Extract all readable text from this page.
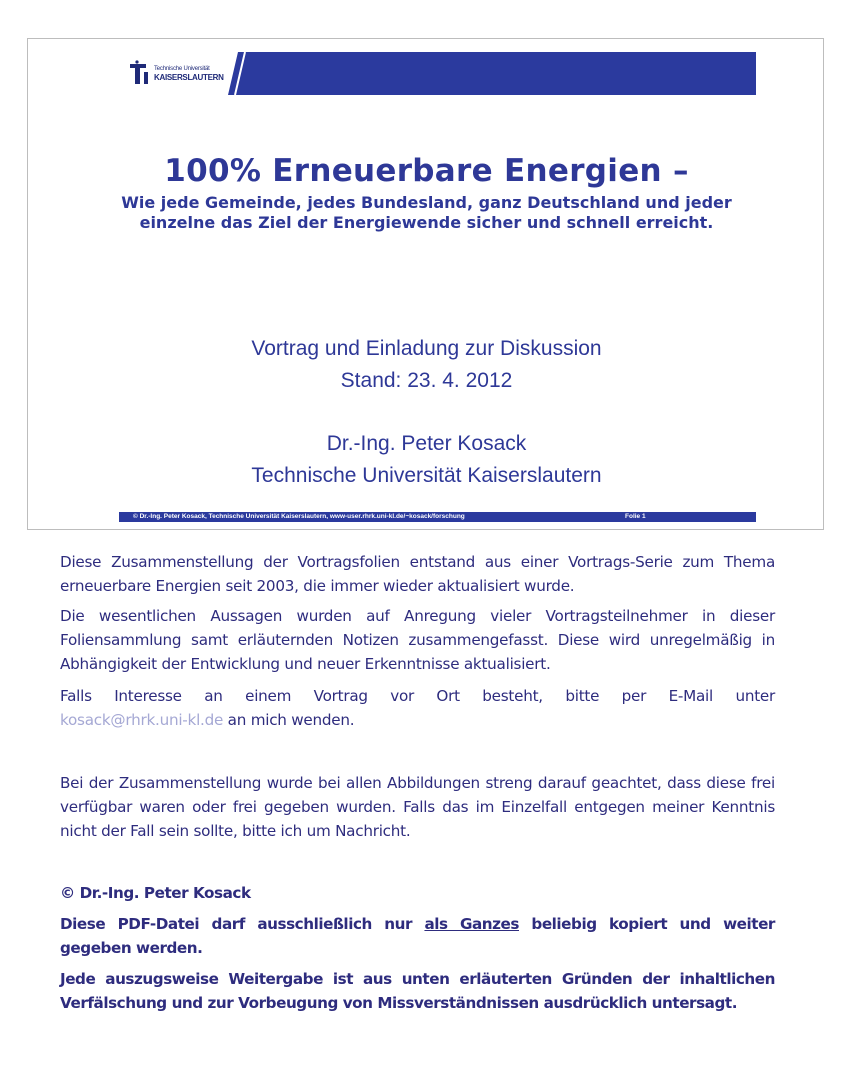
Technische Universität
KAISERSLAUTERN
100% Erneuerbare Energien –
Wie jede Gemeinde, jedes Bundesland, ganz Deutschland und jeder einzelne das Ziel der Energiewende sicher und schnell erreicht.
Vortrag und Einladung zur Diskussion
Stand: 23. 4. 2012
Dr.-Ing. Peter Kosack
Technische Universität Kaiserslautern
© Dr.-Ing. Peter Kosack, Technische Universität Kaiserslautern, www-user.rhrk.uni-kl.de/~kosack/forschung	Folie 1
Diese Zusammenstellung der Vortragsfolien entstand aus einer Vortrags-Serie zum Thema erneuerbare Energien seit 2003, die immer wieder aktualisiert wurde.
Die wesentlichen Aussagen wurden auf Anregung vieler Vortragsteilnehmer in dieser Foliensammlung samt erläuternden Notizen zusammengefasst. Diese wird unregelmäßig in Abhängigkeit der Entwicklung und neuer Erkenntnisse aktualisiert.
Falls Interesse an einem Vortrag vor Ort besteht, bitte per E-Mail unter
kosack@rhrk.uni-kl.de an mich wenden.
Bei der Zusammenstellung wurde bei allen Abbildungen streng darauf geachtet, dass diese frei verfügbar waren oder frei gegeben wurden. Falls das im Einzelfall entgegen meiner Kenntnis nicht der Fall sein sollte, bitte ich um Nachricht.
© Dr.-Ing. Peter Kosack
Diese PDF-Datei darf ausschließlich nur als Ganzes beliebig kopiert und weiter gegeben werden.
Jede auszugsweise Weitergabe ist aus unten erläuterten Gründen der inhaltlichen Verfälschung und zur Vorbeugung von Missverständnissen ausdrücklich untersagt.
